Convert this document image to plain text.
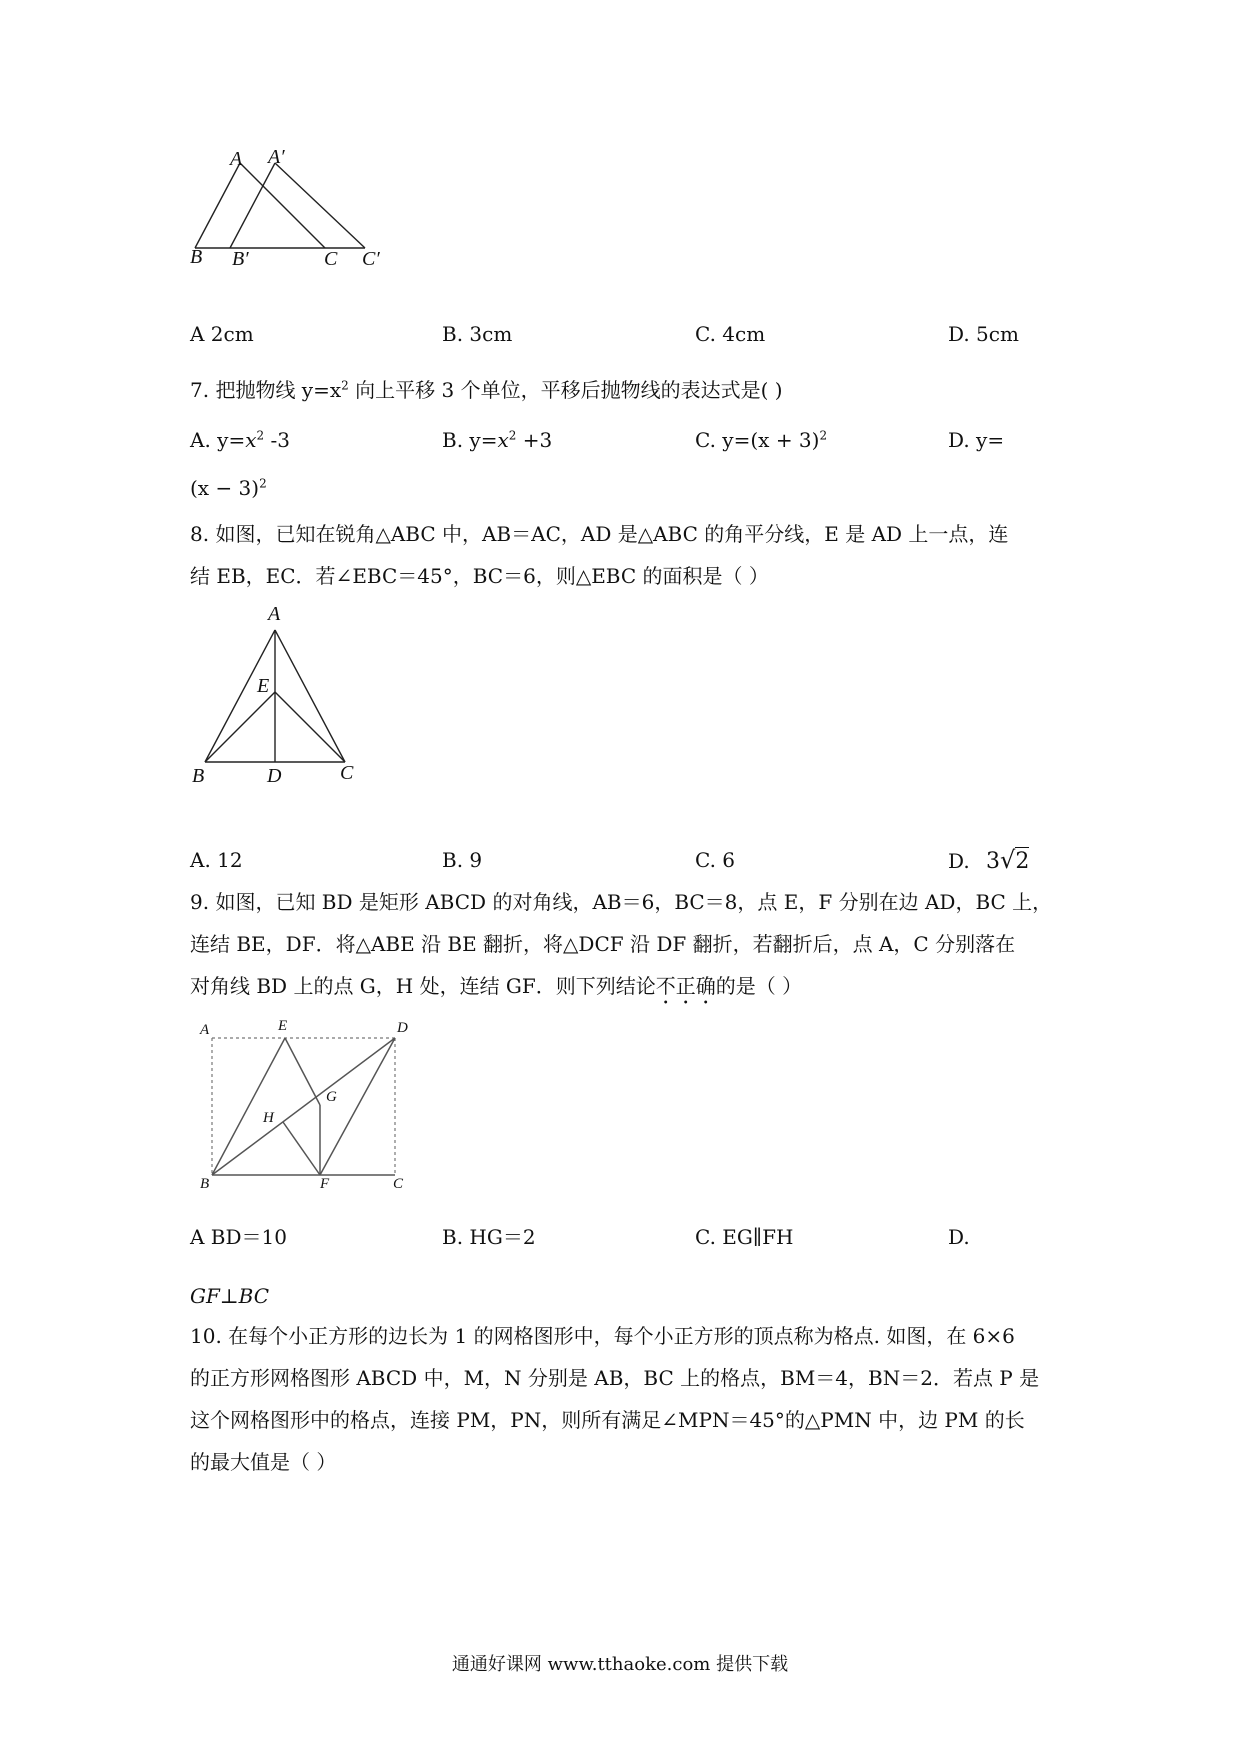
A A′
B B′	C C′
A 2cm	B. 3cm	C. 4cm	D. 5cm
7. 把抛物线 $y=x^2$ 向上平移 3 个单位，平移后抛物线的表达式是( )
A. $y=x^2$ -3	B. $y=x^2 +3$	C. $y=(x + 3)^2$	D. y=
$(x - 3)^2$
8. 如图，已知在锐角△ABC 中，AB＝AC，AD 是△ABC 的角平分线，E 是 AD 上一点，连
结 EB，EC．若∠EBC＝45°，BC＝6，则△EBC 的面积是（ ）
A
E
B	D	C
A. 12	B. 9	C. 6	D. 3√2
9. 如图，已知 BD 是矩形 ABCD 的对角线，AB＝6，BC＝8，点 E，F 分别在边 AD，BC 上，
连结 BE，DF．将△ABE 沿 BE 翻折，将△DCF 沿 DF 翻折，若翻折后，点 A，C 分别落在
对角线 BD 上的点 G，H 处，连结 GF．则下列结论不正确的是（ ）
A	E	D
G
H
B	F	C
A BD＝10	B. HG＝2	C. EG∥FH	D.
GF⊥BC
10. 在每个小正方形的边长为 1 的网格图形中，每个小正方形的顶点称为格点. 如图，在 6×6
的正方形网格图形 ABCD 中，M，N 分别是 AB，BC 上的格点，BM＝4，BN＝2．若点 P 是
这个网格图形中的格点，连接 PM，PN，则所有满足∠MPN＝45°的△PMN 中，边 PM 的长
的最大值是（ ）
通通好课网 www.tthaoke.com 提供下载
